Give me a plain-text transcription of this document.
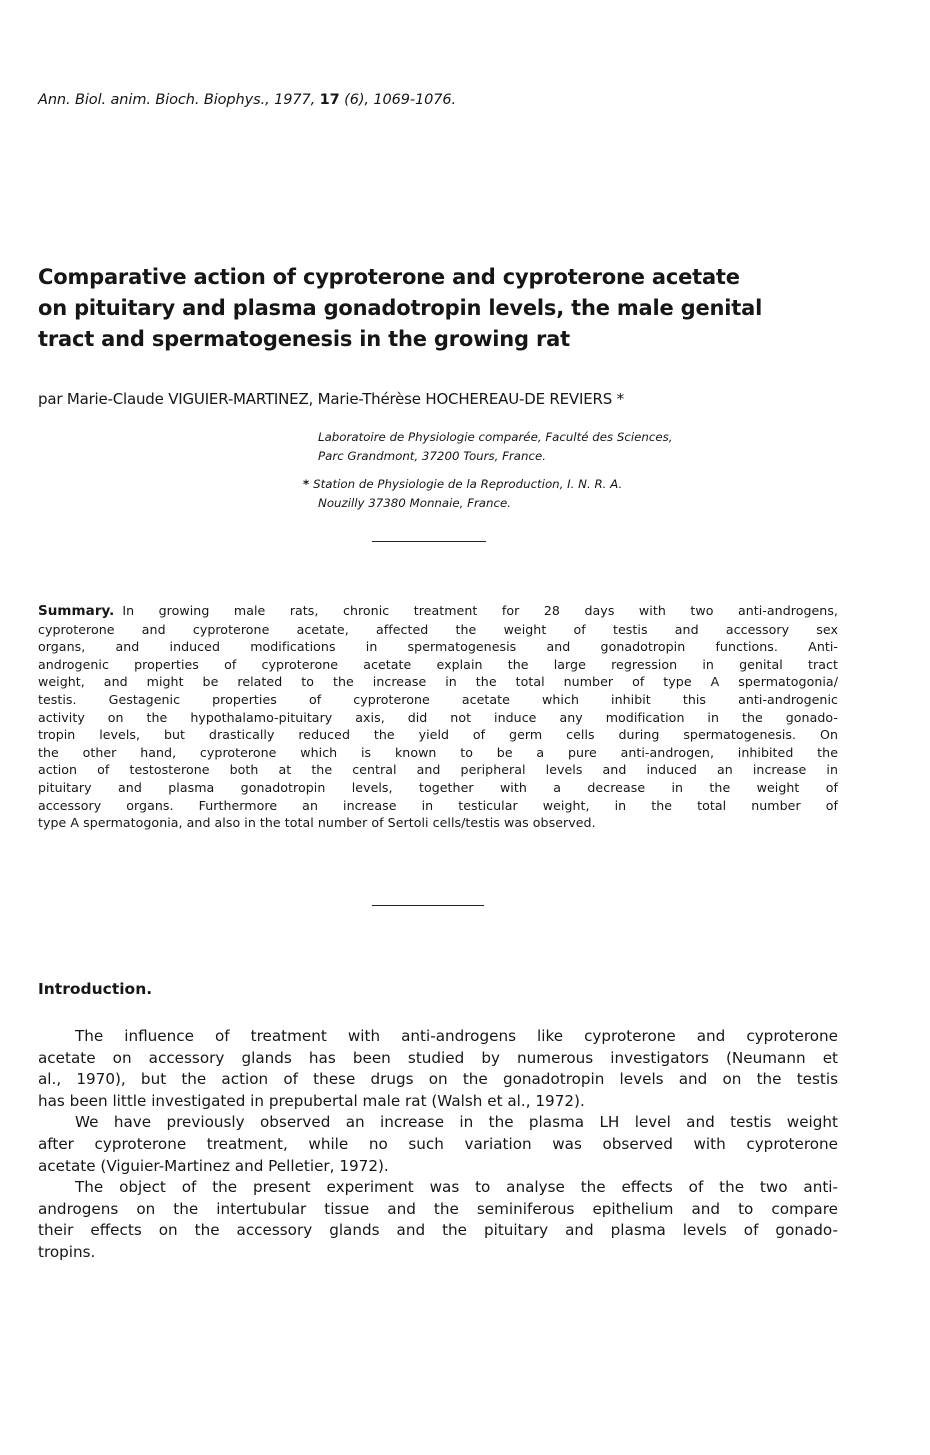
Ann. Biol. anim. Bioch. Biophys., 1977, 17 (6), 1069-1076.
Comparative action of cyproterone and cyproterone acetate
on pituitary and plasma gonadotropin levels, the male genital
tract and spermatogenesis in the growing rat
par Marie-Claude VIGUIER-MARTINEZ, Marie-Thérèse HOCHEREAU-DE REVIERS *
Laboratoire de Physiologie comparée, Faculté des Sciences,
Parc Grandmont, 37200 Tours, France.
* Station de Physiologie de la Reproduction, I. N. R. A.
Nouzilly 37380 Monnaie, France.
Summary. In growing male rats, chronic treatment for 28 days with two anti-androgens,
cyproterone and cyproterone acetate, affected the weight of testis and accessory sex
organs, and induced modifications in spermatogenesis and gonadotropin functions. Anti-
androgenic properties of cyproterone acetate explain the large regression in genital tract
weight, and might be related to the increase in the total number of type A spermatogonia/
testis. Gestagenic properties of cyproterone acetate which inhibit this anti-androgenic
activity on the hypothalamo-pituitary axis, did not induce any modification in the gonado-
tropin levels, but drastically reduced the yield of germ cells during spermatogenesis. On
the other hand, cyproterone which is known to be a pure anti-androgen, inhibited the
action of testosterone both at the central and peripheral levels and induced an increase in
pituitary and plasma gonadotropin levels, together with a decrease in the weight of
accessory organs. Furthermore an increase in testicular weight, in the total number of
type A spermatogonia, and also in the total number of Sertoli cells/testis was observed.
Introduction.

The influence of treatment with anti-androgens like cyproterone and cyproterone
acetate on accessory glands has been studied by numerous investigators (Neumann et
al., 1970), but the action of these drugs on the gonadotropin levels and on the testis
has been little investigated in prepubertal male rat (Walsh et al., 1972).

We have previously observed an increase in the plasma LH level and testis weight
after cyproterone treatment, while no such variation was observed with cyproterone
acetate (Viguier-Martinez and Pelletier, 1972).

The object of the present experiment was to analyse the effects of the two anti-
androgens on the intertubular tissue and the seminiferous epithelium and to compare
their effects on the accessory glands and the pituitary and plasma levels of gonado-
tropins.
